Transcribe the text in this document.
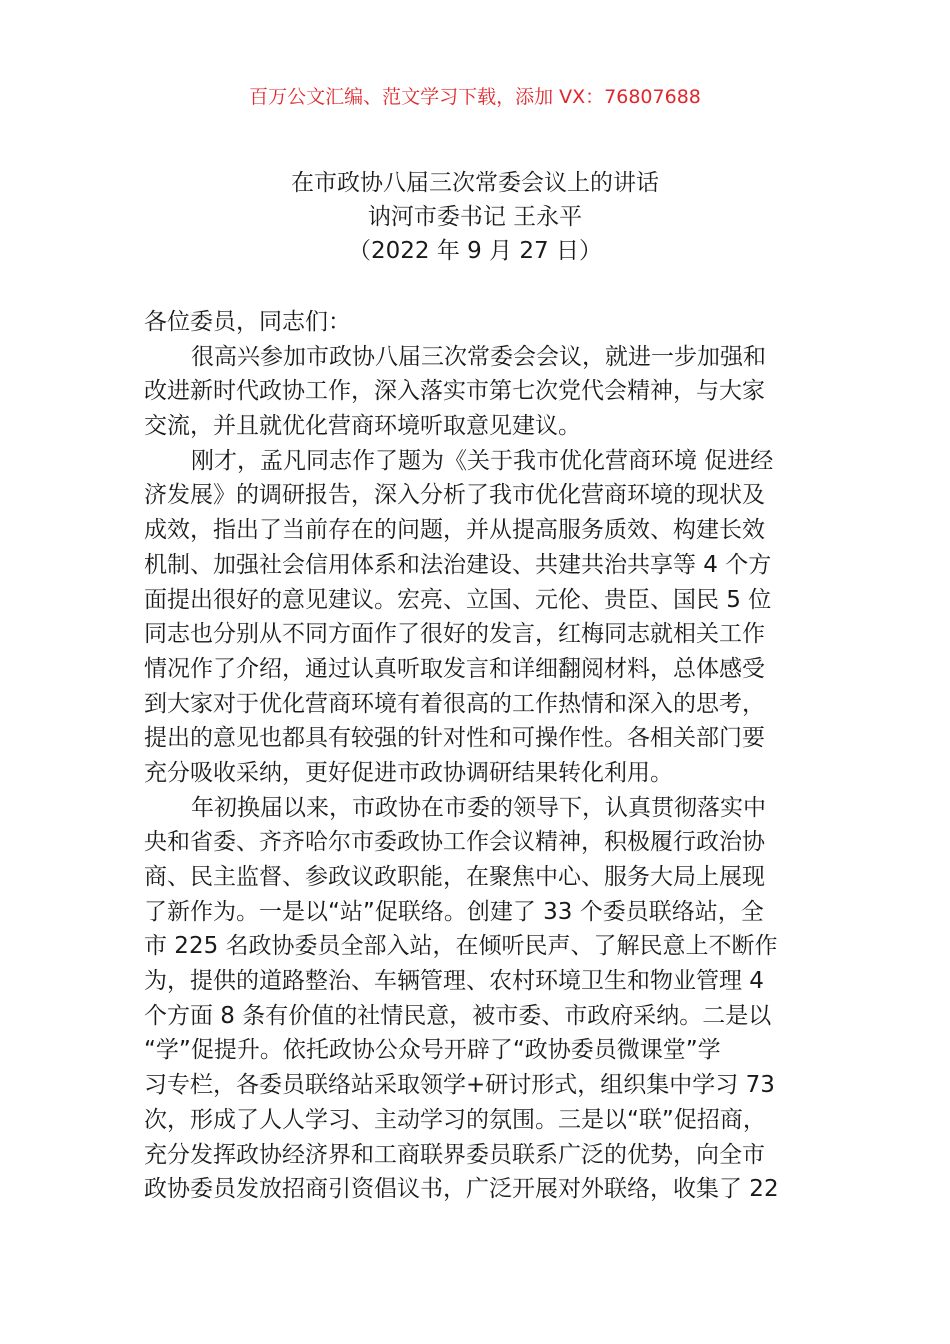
百万公文汇编、范文学习下载，添加 VX：76807688
在市政协八届三次常委会议上的讲话
讷河市委书记 王永平
（2022 年 9 月 27 日）
各位委员，同志们：
很高兴参加市政协八届三次常委会会议，就进一步加强和
改进新时代政协工作，深入落实市第七次党代会精神，与大家
交流，并且就优化营商环境听取意见建议。
刚才，孟凡同志作了题为《关于我市优化营商环境 促进经
济发展》的调研报告，深入分析了我市优化营商环境的现状及
成效，指出了当前存在的问题，并从提高服务质效、构建长效
机制、加强社会信用体系和法治建设、共建共治共享等 4 个方
面提出很好的意见建议。宏亮、立国、元伦、贵臣、国民 5 位
同志也分别从不同方面作了很好的发言，红梅同志就相关工作
情况作了介绍，通过认真听取发言和详细翻阅材料，总体感受
到大家对于优化营商环境有着很高的工作热情和深入的思考，
提出的意见也都具有较强的针对性和可操作性。各相关部门要
充分吸收采纳，更好促进市政协调研结果转化利用。
年初换届以来，市政协在市委的领导下，认真贯彻落实中
央和省委、齐齐哈尔市委政协工作会议精神，积极履行政治协
商、民主监督、参政议政职能，在聚焦中心、服务大局上展现
了新作为。一是以“站”促联络。创建了 33 个委员联络站，全
市 225 名政协委员全部入站，在倾听民声、了解民意上不断作
为，提供的道路整治、车辆管理、农村环境卫生和物业管理 4
个方面 8 条有价值的社情民意，被市委、市政府采纳。二是以
“学”促提升。依托政协公众号开辟了“政协委员微课堂”学
习专栏，各委员联络站采取领学+研讨形式，组织集中学习 73
次，形成了人人学习、主动学习的氛围。三是以“联”促招商，
充分发挥政协经济界和工商联界委员联系广泛的优势，向全市
政协委员发放招商引资倡议书，广泛开展对外联络，收集了 22
